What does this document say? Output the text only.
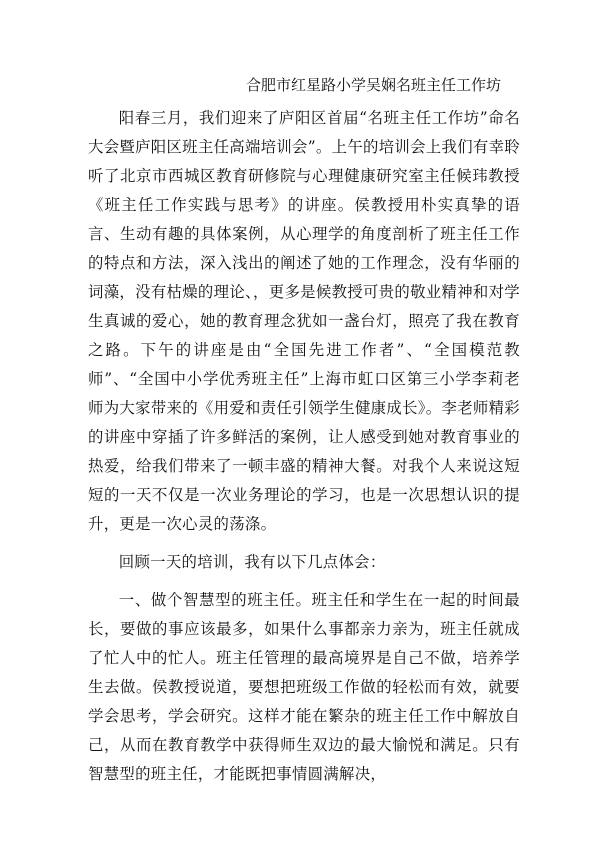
合肥市红星路小学吴娴名班主任工作坊

阳春三月，我们迎来了庐阳区首届“名班主任工作坊”命名大会暨庐阳区班主任高端培训会”。上午的培训会上我们有幸聆听了北京市西城区教育研修院与心理健康研究室主任候玮教授《班主任工作实践与思考》的讲座。侯教授用朴实真挚的语言、生动有趣的具体案例，从心理学的角度剖析了班主任工作的特点和方法，深入浅出的阐述了她的工作理念，没有华丽的词藻，没有枯燥的理论、，更多是候教授可贵的敬业精神和对学生真诚的爱心，她的教育理念犹如一盏台灯，照亮了我在教育之路。下午的讲座是由“全国先进工作者”、“全国模范教师”、“全国中小学优秀班主任”上海市虹口区第三小学李莉老师为大家带来的《用爱和责任引领学生健康成长》。李老师精彩的讲座中穿插了许多鲜活的案例，让人感受到她对教育事业的热爱，给我们带来了一顿丰盛的精神大餐。对我个人来说这短短的一天不仅是一次业务理论的学习，也是一次思想认识的提升，更是一次心灵的荡涤。

回顾一天的培训，我有以下几点体会：

一、做个智慧型的班主任。班主任和学生在一起的时间最长，要做的事应该最多，如果什么事都亲力亲为，班主任就成了忙人中的忙人。班主任管理的最高境界是自己不做，培养学生去做。侯教授说道，要想把班级工作做的轻松而有效，就要学会思考，学会研究。这样才能在繁杂的班主任工作中解放自己，从而在教育教学中获得师生双边的最大愉悦和满足。只有智慧型的班主任，才能既把事情圆满解决，
